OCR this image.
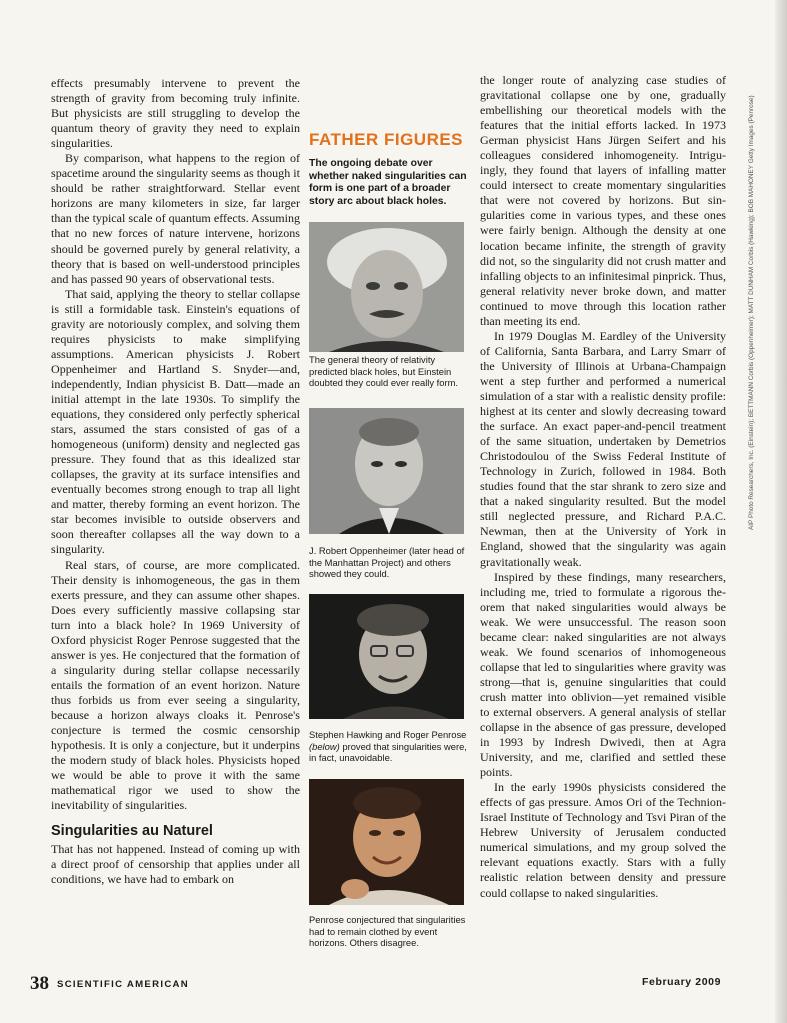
effects presumably intervene to prevent the strength of gravity from becoming truly infinite. But physicists are still struggling to develop the quantum theory of gravity they need to explain singularities.

By comparison, what happens to the region of spacetime around the singularity seems as though it should be rather straightforward. Stellar event horizons are many kilometers in size, far larger than the typical scale of quantum effects. Assuming that no new forces of nature intervene, horizons should be governed purely by general relativity, a theory that is based on well-understood principles and has passed 90 years of observational tests.

That said, applying the theory to stellar collapse is still a formidable task. Einstein's equations of gravity are notoriously complex, and solving them requires physicists to make simplifying assumptions. American physicists J. Robert Oppenheimer and Hartland S. Snyder—and, independently, Indian physicist B. Datt—made an initial attempt in the late 1930s. To simplify the equations, they considered only perfectly spherical stars, assumed the stars consisted of gas of a homogeneous (uniform) density and neglected gas pressure. They found that as this idealized star collapses, the gravity at its surface intensifies and eventually becomes strong enough to trap all light and matter, thereby forming an event horizon. The star becomes invisible to outside observers and soon thereafter collapses all the way down to a singularity.

Real stars, of course, are more complicated. Their density is inhomogeneous, the gas in them exerts pressure, and they can assume other shapes. Does every sufficiently massive collapsing star turn into a black hole? In 1969 University of Oxford physicist Roger Penrose suggested that the answer is yes. He conjectured that the formation of a singularity during stellar collapse necessarily entails the formation of an event horizon. Nature thus forbids us from ever seeing a singularity, because a horizon always cloaks it. Penrose's conjecture is termed the cosmic censorship hypothesis. It is only a conjecture, but it underpins the modern study of black holes. Physicists hoped we would be able to prove it with the same mathematical rigor we used to show the inevitability of singularities.

Singularities au Naturel

That has not happened. Instead of coming up with a direct proof of censorship that applies under all conditions, we have had to embark on

FATHER FIGURES

The ongoing debate over whether naked singularities can form is one part of a broader story arc about black holes.

The general theory of relativity predicted black holes, but Einstein doubted they could ever really form.

J. Robert Oppenheimer (later head of the Manhattan Project) and others showed they could.

Stephen Hawking and Roger Penrose (below) proved that singularities were, in fact, unavoidable.

Penrose conjectured that singularities had to remain clothed by event horizons. Others disagree.

the longer route of analyzing case studies of gravitational collapse one by one, gradually embellishing our theoretical models with the features that the initial efforts lacked. In 1973 German physicist Hans Jürgen Seifert and his colleagues considered inhomogeneity. Intriguingly, they found that layers of infalling matter could intersect to create momentary singularities that were not covered by horizons. But singularities come in various types, and these ones were fairly benign. Although the density at one location became infinite, the strength of gravity did not, so the singularity did not crush matter and infalling objects to an infinitesimal pinprick. Thus, general relativity never broke down, and matter continued to move through this location rather than meeting its end.

In 1979 Douglas M. Eardley of the University of California, Santa Barbara, and Larry Smarr of the University of Illinois at Urbana-Champaign went a step further and performed a numerical simulation of a star with a realistic density profile: highest at its center and slowly decreasing toward the surface. An exact paper-and-pencil treatment of the same situation, undertaken by Demetrios Christodoulou of the Swiss Federal Institute of Technology in Zurich, followed in 1984. Both studies found that the star shrank to zero size and that a naked singularity resulted. But the model still neglected pressure, and Richard P.A.C. Newman, then at the University of York in England, showed that the singularity was again gravitationally weak.

Inspired by these findings, many researchers, including me, tried to formulate a rigorous theorem that naked singularities would always be weak. We were unsuccessful. The reason soon became clear: naked singularities are not always weak. We found scenarios of inhomogeneous collapse that led to singularities where gravity was strong—that is, genuine singularities that could crush matter into oblivion—yet remained visible to external observers. A general analysis of stellar collapse in the absence of gas pressure, developed in 1993 by Indresh Dwivedi, then at Agra University, and me, clarified and settled these points.

In the early 1990s physicists considered the effects of gas pressure. Amos Ori of the Technion-Israel Institute of Technology and Tsvi Piran of the Hebrew University of Jerusalem conducted numerical simulations, and my group solved the relevant equations exactly. Stars with a fully realistic relation between density and pressure could collapse to naked singularities.

AIP Photo Researchers, Inc. (Einstein); BETTMANN Corbis (Oppenheimer); MATT DUNHAM Corbis (Hawking); BOB MAHONEY Getty Images (Penrose)
38 SCIENTIFIC AMERICAN	February 2009
